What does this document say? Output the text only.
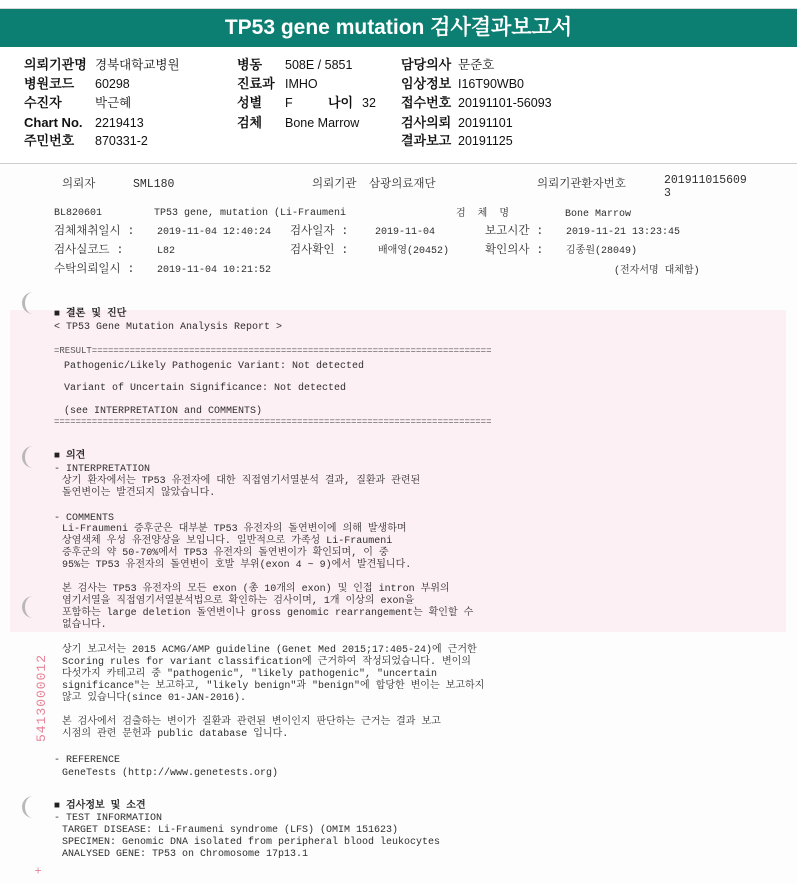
TP53 gene mutation 검사결과보고서
의뢰기관명 경북대학교병원
병원코드 60298
수진자	박근혜
Chart No. 2219413
주민번호 870331-2
병동 508E / 5851
진료과 IMHO
성별 F	나이 32
검체 Bone Marrow
담당의사 문준호
임상정보 I16T90WB0
접수번호 20191101-56093
검사의뢰 20191101
결과보고 20191125
의뢰자	SML180	의뢰기관 삼광의료재단	의뢰기관환자번호	201911015609
3
BL820601	TP53 gene, mutation (Li-Fraumeni	검  체  명	Bone Marrow
검체채취일시 : 2019-11-04 12:40:24 검사일자 :	2019-11-04	보고시간 : 2019-11-21 13:23:45
검사실코드 :	L82	검사확인 :	배애영(20452)	확인의사 : 김종원(28049)
수탁의뢰일시 : 2019-11-04 10:21:52	(전자서명 대체함)
■ 결론 및 진단
< TP53 Gene Mutation Analysis Report >
=RESULT==========================================================================
Pathogenic/Likely Pathogenic Variant: Not detected
Variant of Uncertain Significance: Not detected
(see INTERPRETATION and COMMENTS)
=================================================================================
■ 의견
- INTERPRETATION
상기 환자에서는 TP53 유전자에 대한 직접염기서열분석 결과, 질환과 관련된
돌연변이는 발견되지 않았습니다.
- COMMENTS
Li-Fraumeni 증후군은 대부분 TP53 유전자의 돌연변이에 의해 발생하며
상염색체 우성 유전양상을 보입니다. 일반적으로 가족성 Li-Fraumeni
증후군의 약 50-70%에서 TP53 유전자의 돌연변이가 확인되며, 이 중
95%는 TP53 유전자의 돌연변이 호발 부위(exon 4 ~ 9)에서 발견됩니다.
본 검사는 TP53 유전자의 모든 exon (총 10개의 exon) 및 인접 intron 부위의
염기서열을 직접염기서열분석법으로 확인하는 검사이며, 1개 이상의 exon을
포함하는 large deletion 돌연변이나 gross genomic rearrangement는 확인할 수
없습니다.
상기 보고서는 2015 ACMG/AMP guideline (Genet Med 2015;17:405-24)에 근거한
Scoring rules for variant classification에 근거하여 작성되었습니다. 변이의
다섯가지 카테고리 중 "pathogenic", "likely pathogenic", "uncertain
significance"는 보고하고, "likely benign"과 "benign"에 합당한 변이는 보고하지
않고 있습니다(since 01-JAN-2016).
본 검사에서 검출하는 변이가 질환과 관련된 변이인지 판단하는 근거는 결과 보고
시점의 관련 문헌과 public database 입니다.
- REFERENCE
GeneTests (http://www.genetests.org)
■ 검사정보 및 소견
- TEST INFORMATION
TARGET DISEASE: Li-Fraumeni syndrome (LFS) (OMIM 151623)
SPECIMEN: Genomic DNA isolated from peripheral blood leukocytes
ANALYSED GENE: TP53 on Chromosome 17p13.1
5413000012
+
